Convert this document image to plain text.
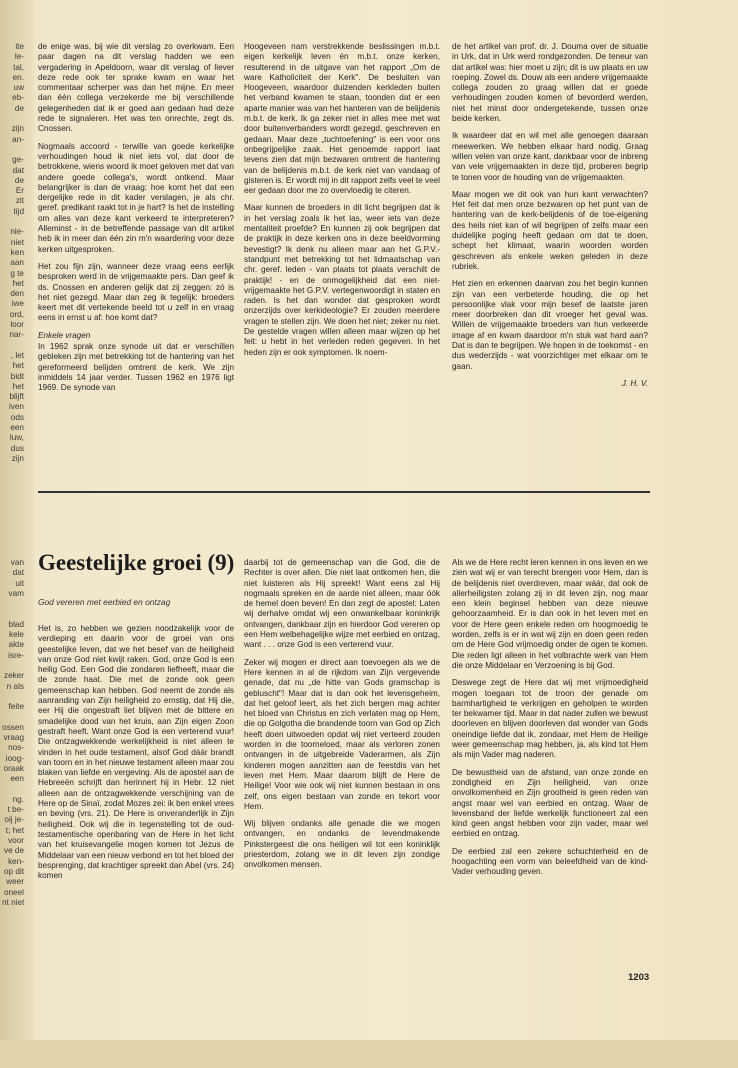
ite
le-
tal,
en.
uw
eb-
de
zijn
an-
ge-
dat
de
Er
zit
tijd
nie-
niet
ken
aan
g te
het
den
iwe
ord,
loor
nar-
, let
het
bidt
het
blijft
iven
ods
een
luw,
dus
zijn
van
dat
uit
vam
blad
kele
akte
isre-
zeker
n als
feite
ossen
vraag
nos-
ioog-
oraak
een
ng.
t be-
oij je-
t; het
voor
ve de
ken-
op dit
weer
oneel
nt niet

de enige was, bij wie dit verslag zo overkwam. Een paar dagen na dit verslag hadden we een vergadering in Apeldoorn, waar dit verslag of liever deze rede ook ter sprake kwam en waar het commentaar scherper was dan het mijne. En meer dan één collega verzekerde me bij verschillende gelegenheden dat ik er goed aan gedaan had deze rede te signaleren. Het was ten onrechte, zegt ds. Cnossen.

Nogmaals accoord - terwille van goede kerkelijke verhoudingen houd ik niet iets vol, dat door de betrokkene, wiens woord ik moet geloven met dat van andere goede collega's, wordt ontkend. Maar belangrijker is dan de vraag: hoe komt het dat een dergelijke rede in dit kader verslagen, je als chr. geref. predikant raakt tot in je hart? Is het de instelling om alles van deze kant verkeerd te interpreteren? Alleminst - in de betreffende passage van dit artikel heb ik in meer dan één zin m'n waardering voor deze kerken uitgesproken.

Het zou fijn zijn, wanneer deze vraag eens eerlijk besproken werd in de vrijgemaakte pers. Dan geef ik ds. Cnossen en anderen gelijk dat zij zeggen: zó is het niet gezegd. Maar dan zeg ik tegelijk: broeders keert met dit vertekende beeld tot u zelf in en vraag eens in ernst u af: hoe komt dat?

Enkele vragen

In 1962 sprak onze synode uit dat er verschillen gebleken zijn met betrekking tot de hantering van het gereformeerd belijden omtrent de kerk. We zijn inmiddels 14 jaar verder. Tussen 1962 en 1976 ligt 1969. De synode van

Hoogeveen nam verstrekkende beslissingen m.b.t. eigen kerkelijk leven én m.b.t. onze kerken, resulterend in de uitgave van het rapport „Om de ware Katholiciteit der Kerk". De besluiten van Hoogeveen, waardoor duizenden kerkleden buiten het verband kwamen te staan, toonden dat er een aparte manier was van het hanteren van de belijdenis m.b.t. de kerk. Ik ga zeker niet in alles mee met wat door buitenverbanders wordt gezegd, geschreven en gedaan. Maar deze „tuchtoefening" is een voor ons onbegrijpelijke zaak. Het genoemde rapport laat tevens zien dat mijn bezwaren omtrent de hantering van de belijdenis m.b.t. de kerk niet van vandaag of gisteren is. Er wordt mij in dit rapport zelfs veel te veel eer gedaan door me zo overvloedig te citeren.

Maar kunnen de broeders in dit licht begrijpen dat ik in het verslag zoals ik het las, weer iets van deze mentaliteit proefde? En kunnen zij ook begrijpen dat de praktijk in deze kerken ons in deze beeldvorming bevestigt? Ik denk nu alleen maar aan het G.P.V.-standpunt met betrekking tot het lidmaatschap van chr. geref. leden - van plaats tot plaats verschilt de praktijk! - en de onmogelijkheid dat een niet-vrijgemaakte het G.P.V. vertegenwoordigt in staten en raden. Is het dan wonder dat gesproken wordt onzerzijds over kerkideologie? Er zouden meerdere vragen te stellen zijn. We doen het niet; zeker nu niet. De gestelde vragen willen alleen maar wijzen op het feit: u hebt in het verleden reden gegeven. In het heden zijn er ook symptomen. Ik noem-

de het artikel van prof. dr. J. Douma over de situatie in Urk, dat in Urk werd rondgezonden. De teneur van dat artikel was: hier moet u zijn; dit is uw plaats en uw roeping. Zowel ds. Douw als een andere vrijgemaakte collega zouden zo graag willen dat er goede verhoudingen zouden komen of bevorderd werden, niet het minst door ondergetekende, tussen onze beide kerken.

Ik waardeer dat en wil met alle genoegen daaraan meewerken. We hebben elkaar hard nodig. Graag willen velen van onze kant, dankbaar voor de inbreng van vele vrijgemaakten in deze tijd, proberen begrip te tonen voor de houding van de vrijgemaakten.

Maar mogen we dit ook van hun kant verwachten? Het feit dat men onze bezwaren op het punt van de hantering van de kerk-belijdenis of de toe-eigening des heils niet kan of wil begrijpen of zelfs maar een duidelijke poging heeft gedaan om dat te doen, schept het klimaat, waarin woorden worden geschreven als enkele weken geleden in deze rubriek.

Het zien en erkennen daarvan zou het begin kunnen zijn van een verbeterde houding, die op het persoonlijke vlak voor mijn besef de laatste jaren meer doorbreken dan dit vroeger het geval was. Willen de vrijgemaakte broeders van hun verkeerde image af en kwam daardoor m'n stuk wat hard aan? Dat is dan te begrijpen. We hopen in de toekomst - en dus wederzijds - wat voorzichtiger met elkaar om te gaan.

J. H. V.
Geestelijke groei (9)
God vereren met eerbied en ontzag

Het is, zo hebben we gezien noodzakelijk voor de verdieping en daarin voor de groei van ons geestelijke leven, dat we het besef van de heiligheid van onze God niet kwijt raken. God, onze God is een heilig God. Een God die zondaren liefheeft, maar die de zonde haat. Die met de zonde ook geen gemeenschap kan hebben. God neemt de zonde als aanranding van Zijn heiligheid zo ernstig, dat Hij die, eer Hij die ongestraft liet blijven met de bittere en smadelijke dood van het kruis, aan Zijn eigen Zoon gestraft heeft. Want onze God is een verterend vuur! Die ontzagwekkende werkelijkheid is niet alleen te vinden in het oude testament, alsof God dáár brandt van toorn en in het nieuwe testament alleen maar zou blaken van liefde en vergeving. Als de apostel aan de Hebreeën schrijft dan herinnert hij in Hebr. 12 niet alleen aan de ontzagwekkende verschijning van de Here op de Sinaï, zodat Mozes zei: ik ben enkel vrees en beving (vrs. 21). De Here is onveranderlijk in Zijn heiligheid. Ook wij die in tegenstelling tot de oud-testamentische openbaring van de Here in het licht van het kruisevangelie mogen komen tot Jezus de Middelaar van een nieuw verbond en tot het bloed der besprenging, dat krachtiger spreekt dan Abel (vrs. 24) komen

daarbij tot de gemeenschap van die God, die de Rechter is over allen. Die niet laat ontkomen hen, die niet luisteren als Hij spreekt! Want eens zal Hij nogmaals spreken en de aarde niet alleen, maar óók de hemel doen beven! En dan zegt de apostel: Laten wij derhalve omdat wij een onwankelbaar koninkrijk ontvangen, dankbaar zijn en hierdoor God vereren op een Hem welbehagelijke wijze met eerbied en ontzag, want . . . onze God is een verterend vuur.

Zeker wij mogen er direct aan toevoegen als we de Here kennen in al de rijkdom van Zijn vergevende genade, dat nu „de hitte van Gods gramschap is gebluscht"! Maar dat is dan ook het levensgeheim, dat het geloof leert, als het zich bergen mag achter het bloed van Christus en zich verlaten mag op Hem, die op Golgotha die brandende toorn van God op Zich heeft doen uitwoeden opdat wij niet verteerd zouden worden in die toorneloed, maar als verloren zonen ontvangen in de uitgebreide Vaderarmen, als Zijn kinderen mogen aanzitten aan de feestdis van het leven met Hem. Maar daarom blijft de Here de Heilige! Voor wie ook wij niet kunnen bestaan in ons zelf, ons eigen bestaan van zonde en tekort voor Hem.

Wij blijven ondanks alle genade die we mogen ontvangen, en ondanks de levendmakende Pinkstergeest die ons heiligen wil tot een koninklijk priesterdom, zolang we in dit leven zijn zondige onvolkomen mensen.

Als we de Here recht leren kennen in ons leven en we zien wat wij er van terecht brengen voor Hem, dan is de belijdenis niet overdreven, maar wáár, dat ook de allerheiligsten zolang zij in dit leven zijn, nog maar een klein beginsel hebben van deze nieuwe gehoorzaamheid. Er is dan ook in het leven met en voor de Here geen enkele reden om hoogmoedig te worden, zelfs is er in wat wij zijn en doen geen reden om de Here God vrijmoedig onder de ogen te komen. Die reden ligt alleen in het volbrachte werk van Hem die onze Middelaar en Verzoening is bij God.

Deswege zegt de Here dat wij met vrijmoedigheid mogen toegaan tot de troon der genade om barmhartigheid te verkrijgen en geholpen te worden ter bekwamer tijd. Maar in dat nader zullen we bewust doorleven en blijven doorleven dat wonder van Gods oneindige liefde dat ik, zondaar, met Hem de Heilige weer gemeenschap mag hebben, ja, als kind tot Hem als mijn Vader mag naderen.

De bewustheid van de afstand, van onze zonde en zondigheid en Zijn heiligheid, van onze onvolkomenheid en Zijn grootheid is geen reden van angst maar wel van eerbied en ontzag. Waar de levensband der liefde werkelijk functioneert zal een kind geen angst hebben voor zijn vader, maar wel eerbied en ontzag.

De eerbied zal een zekere schuchterheid en de hoogachting een vorm van beleefdheid van de kind-Vader verhouding geven.

1203
